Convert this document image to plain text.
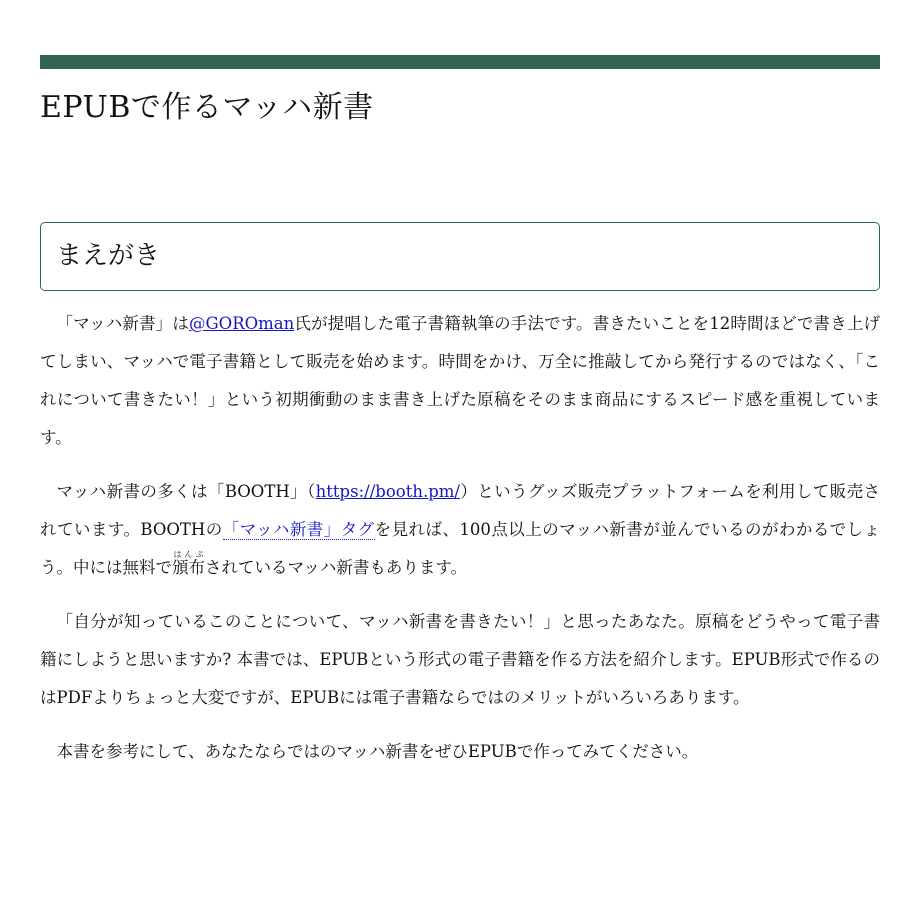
EPUBで作るマッハ新書
まえがき

「マッハ新書」は@GOROman氏が提唱した電子書籍執筆の手法です。書きたいことを12時間ほどで書き上げてしまい、マッハで電子書籍として販売を始めます。時間をかけ、万全に推敲してから発行するのではなく、「これについて書きたい！」という初期衝動のまま書き上げた原稿をそのまま商品にするスピード感を重視しています。

マッハ新書の多くは「BOOTH」（https://booth.pm/）というグッズ販売プラットフォームを利用して販売されています。BOOTHの「マッハ新書」タグを見れば、100点以上のマッハ新書が並んでいるのがわかるでしょう。中には無料で頒布はんぷされているマッハ新書もあります。

「自分が知っているこのことについて、マッハ新書を書きたい！」と思ったあなた。原稿をどうやって電子書籍にしようと思いますか? 本書では、EPUBという形式の電子書籍を作る方法を紹介します。EPUB形式で作るのはPDFよりちょっと大変ですが、EPUBには電子書籍ならではのメリットがいろいろあります。

本書を参考にして、あなたならではのマッハ新書をぜひEPUBで作ってみてください。
